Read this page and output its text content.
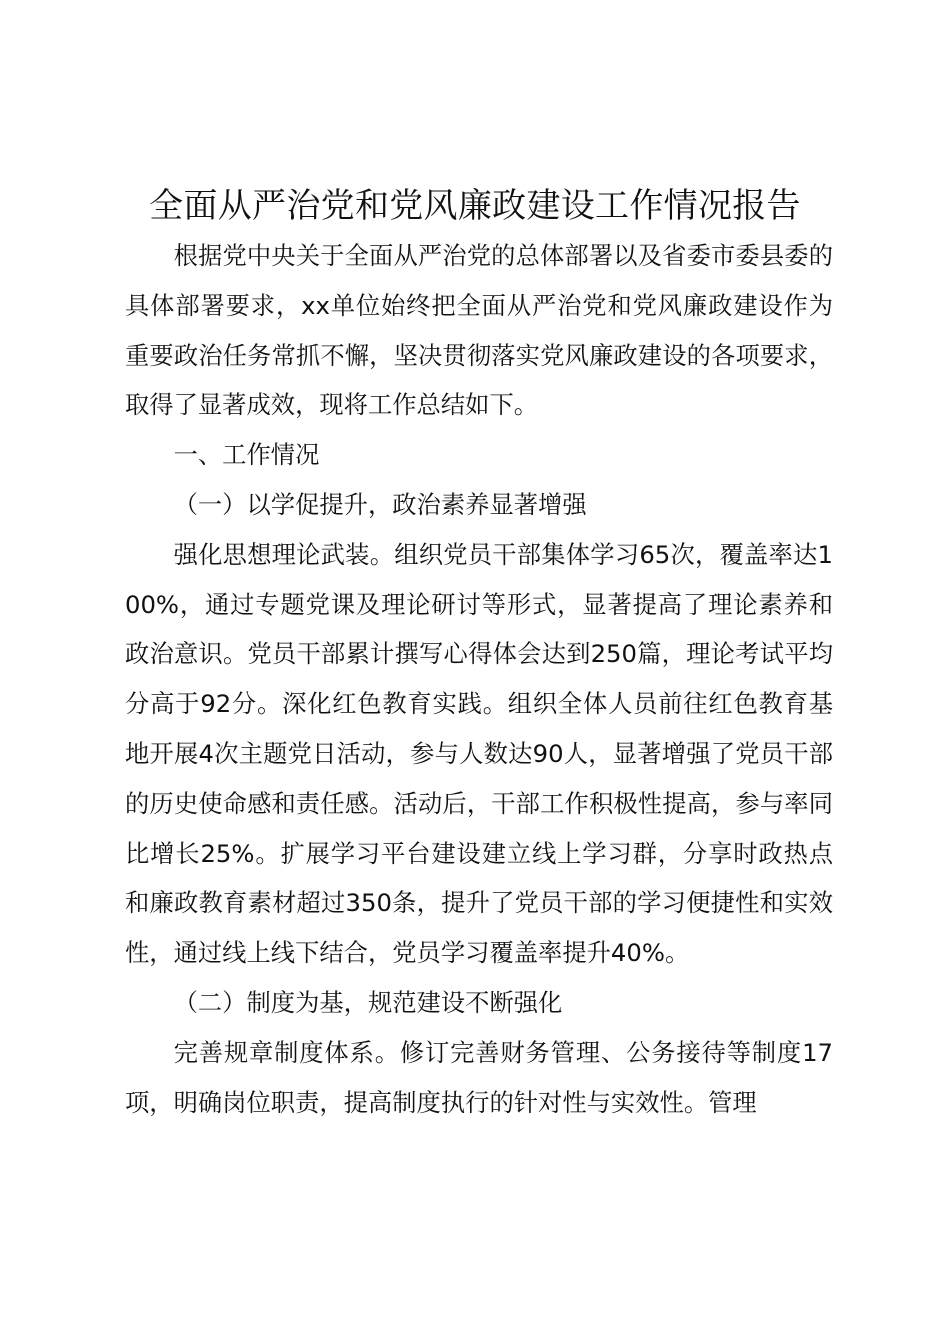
全面从严治党和党风廉政建设工作情况报告

根据党中央关于全面从严治党的总体部署以及省委市委县委的具体部署要求，xx单位始终把全面从严治党和党风廉政建设作为重要政治任务常抓不懈，坚决贯彻落实党风廉政建设的各项要求，取得了显著成效，现将工作总结如下。

一、工作情况

（一）以学促提升，政治素养显著增强

强化思想理论武装。组织党员干部集体学习65次，覆盖率达100%，通过专题党课及理论研讨等形式，显著提高了理论素养和政治意识。党员干部累计撰写心得体会达到250篇，理论考试平均分高于92分。深化红色教育实践。组织全体人员前往红色教育基地开展4次主题党日活动，参与人数达90人，显著增强了党员干部的历史使命感和责任感。活动后，干部工作积极性提高，参与率同比增长25%。扩展学习平台建设建立线上学习群，分享时政热点和廉政教育素材超过350条，提升了党员干部的学习便捷性和实效性，通过线上线下结合，党员学习覆盖率提升40%。

（二）制度为基，规范建设不断强化

完善规章制度体系。修订完善财务管理、公务接待等制度17项，明确岗位职责，提高制度执行的针对性与实效性。管理
